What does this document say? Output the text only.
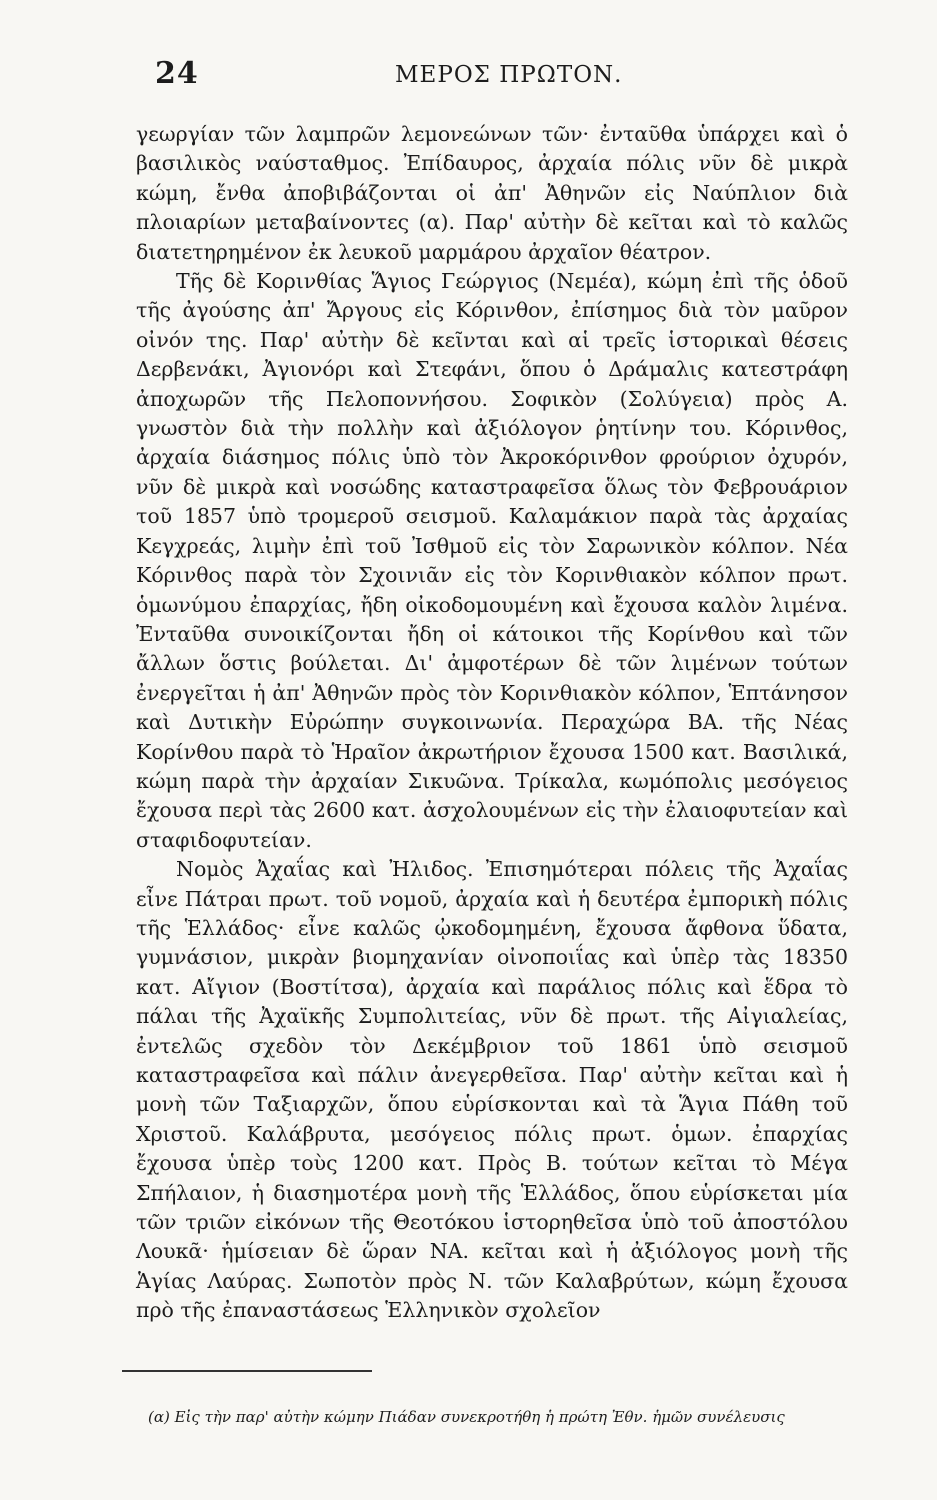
24	ΜΕΡΟΣ ΠΡΩΤΟΝ.

γεωργίαν τῶν λαμπρῶν λεμονεώνων τῶν· ἐνταῦθα ὑπάρχει καὶ ὁ βασιλικὸς ναύσταθμος. Ἐπίδαυρος, ἀρχαία πόλις νῦν δὲ μικρὰ κώμη, ἔνθα ἀποβιβάζονται οἱ ἀπ' Ἀθηνῶν εἰς Ναύπλιον διὰ πλοιαρίων μεταβαίνοντες (α). Παρ' αὐτὴν δὲ κεῖται καὶ τὸ καλῶς διατετηρημένον ἐκ λευκοῦ μαρμάρου ἀρχαῖον θέατρον.

Τῆς δὲ Κορινθίας Ἅγιος Γεώργιος (Νεμέα), κώμη ἐπὶ τῆς ὁδοῦ τῆς ἀγούσης ἀπ' Ἄργους εἰς Κόρινθον, ἐπίσημος διὰ τὸν μαῦρον οἰνόν της. Παρ' αὐτὴν δὲ κεῖνται καὶ αἱ τρεῖς ἱστορικαὶ θέσεις Δερβενάκι, Ἀγιονόρι καὶ Στεφάνι, ὅπου ὁ Δράμαλις κατεστράφη ἀποχωρῶν τῆς Πελοποννήσου. Σοφικὸν (Σολύγεια) πρὸς Α. γνωστὸν διὰ τὴν πολλὴν καὶ ἀξιόλογον ῥητίνην του. Κόρινθος, ἀρχαία διάσημος πόλις ὑπὸ τὸν Ἀκροκόρινθον φρούριον ὀχυρόν, νῦν δὲ μικρὰ καὶ νοσώδης καταστραφεῖσα ὅλως τὸν Φεβρουάριον τοῦ 1857 ὑπὸ τρομεροῦ σεισμοῦ. Καλαμάκιον παρὰ τὰς ἀρχαίας Κεγχρεάς, λιμὴν ἐπὶ τοῦ Ἰσθμοῦ εἰς τὸν Σαρωνικὸν κόλπον. Νέα Κόρινθος παρὰ τὸν Σχοινιᾶν εἰς τὸν Κορινθιακὸν κόλπον πρωτ. ὁμωνύμου ἐπαρχίας, ἤδη οἰκοδομουμένη καὶ ἔχουσα καλὸν λιμένα. Ἐνταῦθα συνοικίζονται ἤδη οἱ κάτοικοι τῆς Κορίνθου καὶ τῶν ἄλλων ὅστις βούλεται. Δι' ἀμφοτέρων δὲ τῶν λιμένων τούτων ἐνεργεῖται ἡ ἀπ' Ἀθηνῶν πρὸς τὸν Κορινθιακὸν κόλπον, Ἑπτάνησον καὶ Δυτικὴν Εὐρώπην συγκοινωνία. Περαχώρα ΒΑ. τῆς Νέας Κορίνθου παρὰ τὸ Ἡραῖον ἀκρωτήριον ἔχουσα 1500 κατ. Βασιλικά, κώμη παρὰ τὴν ἀρχαίαν Σικυῶνα. Τρίκαλα, κωμόπολις μεσόγειος ἔχουσα περὶ τὰς 2600 κατ. ἀσχολουμένων εἰς τὴν ἐλαιοφυτείαν καὶ σταφιδοφυτείαν.

Νομὸς Ἀχαΐας καὶ Ἠλιδος. Ἐπισημότεραι πόλεις τῆς Ἀχαΐας εἶνε Πάτραι πρωτ. τοῦ νομοῦ, ἀρχαία καὶ ἡ δευτέρα ἐμπορικὴ πόλις τῆς Ἑλλάδος· εἶνε καλῶς ᾠκοδομημένη, ἔχουσα ἄφθονα ὕδατα, γυμνάσιον, μικρὰν βιομηχανίαν οἰνοποιΐας καὶ ὑπὲρ τὰς 18350 κατ. Αἴγιον (Βοστίτσα), ἀρχαία καὶ παράλιος πόλις καὶ ἕδρα τὸ πάλαι τῆς Ἀχαϊκῆς Συμπολιτείας, νῦν δὲ πρωτ. τῆς Αἰγιαλείας, ἐντελῶς σχεδὸν τὸν Δεκέμβριον τοῦ 1861 ὑπὸ σεισμοῦ καταστραφεῖσα καὶ πάλιν ἀνεγερθεῖσα. Παρ' αὐτὴν κεῖται καὶ ἡ μονὴ τῶν Ταξιαρχῶν, ὅπου εὑρίσκονται καὶ τὰ Ἅγια Πάθη τοῦ Χριστοῦ. Καλάβρυτα, μεσόγειος πόλις πρωτ. ὁμων. ἐπαρχίας ἔχουσα ὑπὲρ τοὺς 1200 κατ. Πρὸς Β. τούτων κεῖται τὸ Μέγα Σπήλαιον, ἡ διασημοτέρα μονὴ τῆς Ἑλλάδος, ὅπου εὑρίσκεται μία τῶν τριῶν εἰκόνων τῆς Θεοτόκου ἱστορηθεῖσα ὑπὸ τοῦ ἀποστόλου Λουκᾶ· ἡμίσειαν δὲ ὥραν ΝΑ. κεῖται καὶ ἡ ἀξιόλογος μονὴ τῆς Ἁγίας Λαύρας. Σωποτὸν πρὸς Ν. τῶν Καλαβρύτων, κώμη ἔχουσα πρὸ τῆς ἐπαναστάσεως Ἑλληνικὸν σχολεῖον

(α) Εἰς τὴν παρ' αὐτὴν κώμην Πιάδαν συνεκροτήθη ἡ πρώτη Ἐθν. ἡμῶν συνέλευσις
